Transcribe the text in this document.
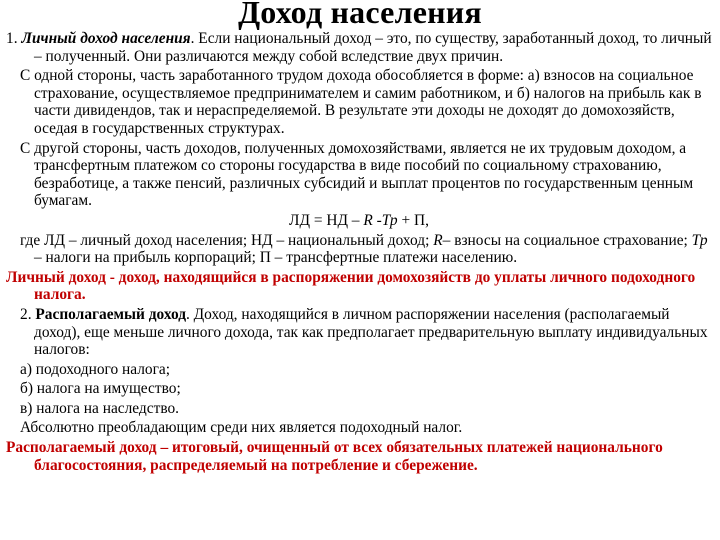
Доход населения
1. Личный доход населения. Если национальный доход – это, по существу, заработанный доход, то личный – полученный. Они различаются между собой вследствие двух причин.
С одной стороны, часть заработанного трудом дохода обособляется в форме: а) взносов на социальное страхование, осуществляемое предпринимателем и самим работником, и б) налогов на прибыль как в части дивидендов, так и нераспределяемой. В результате эти доходы не доходят до домохозяйств, оседая в государственных структурах.
С другой стороны, часть доходов, полученных домохозяйствами, является не их трудовым доходом, а трансфертным платежом со стороны государства в виде пособий по социальному страхованию, безработице, а также пенсий, различных субсидий и выплат процентов по государственным ценным бумагам.
ЛД = НД – R -Тр + П,
где ЛД – личный доход населения; НД – национальный доход; R– взносы на социальное страхование; Тр – налоги на прибыль корпораций; П – трансфертные платежи населению.
Личный доход - доход, находящийся в распоряжении домохозяйств до уплаты личного подоходного налога.
2. Располагаемый доход. Доход, находящийся в личном распоряжении населения (располагаемый доход), еще меньше личного дохода, так как предполагает предварительную выплату индивидуальных налогов:
а) подоходного налога;
б) налога на имущество;
в) налога на наследство.
Абсолютно преобладающим среди них является подоходный налог.
Располагаемый доход – итоговый, очищенный от всех обязательных платежей национального благосостояния, распределяемый на потребление и сбережение.
